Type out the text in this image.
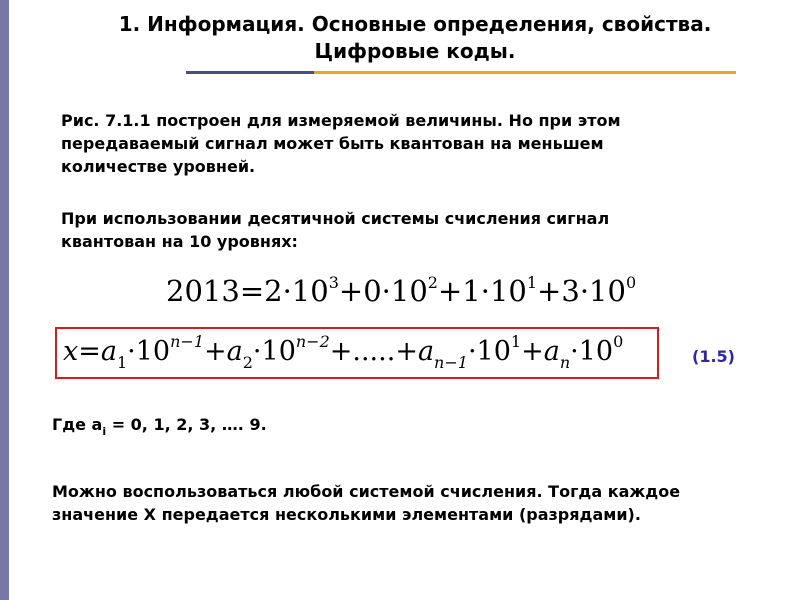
1. Информация. Основные определения, свойства.
Цифровые коды.
Рис. 7.1.1 построен для измеряемой величины. Но при этом
передаваемый сигнал может быть квантован на меньшем
количестве уровней.
При использовании десятичной системы счисления сигнал
квантован на 10 уровнях:
$2013=2\cdot 10^3+0\cdot 10^2+1\cdot 10^1+3\cdot 10^0$
$x=a_1\cdot 10^{n-1}+a_2\cdot 10^{n-2}+.....+a_{n-1}\cdot 10^1+a_n\cdot 10^0$
(1.5)
Где $a_i = 0$, 1, 2, 3, …. 9.
Можно воспользоваться любой системой счисления. Тогда каждое
значение Х передается несколькими элементами (разрядами).
